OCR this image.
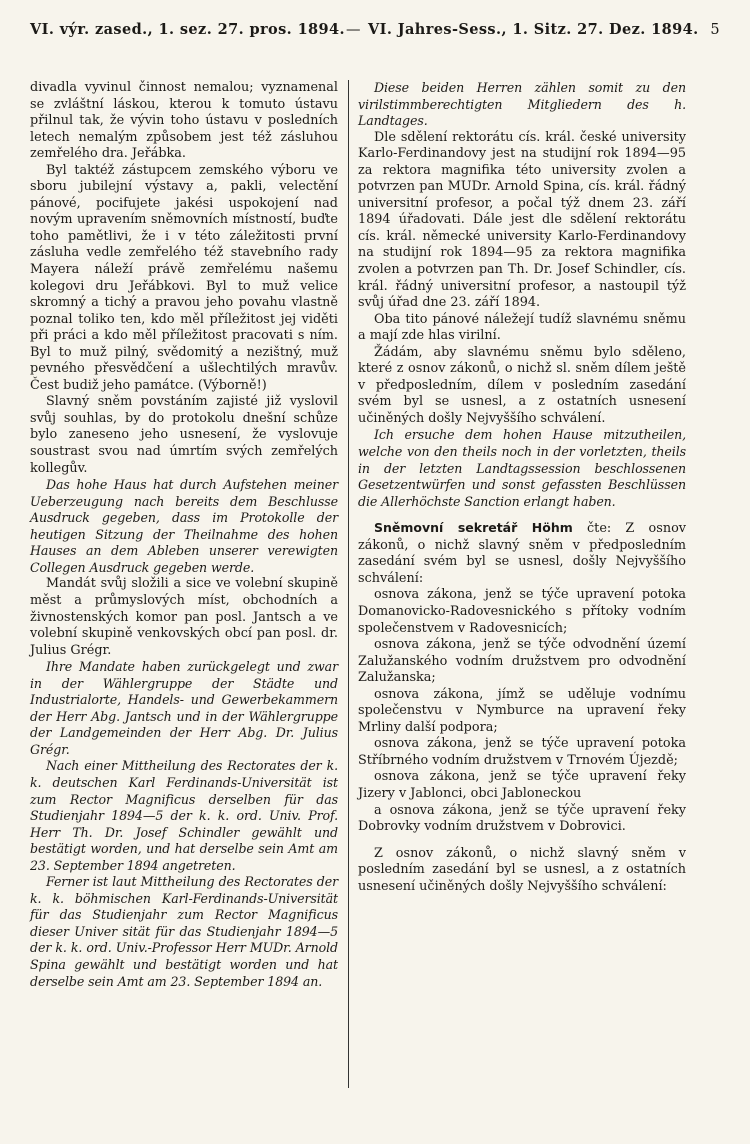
VI. výr. zased., 1. sez. 27. pros. 1894. — VI. Jahres-Sess., 1. Sitz. 27. Dez. 1894. 5

divadla vyvinul činnost nemalou; vyznamenal se zvláštní láskou, kterou k tomuto ústavu přilnul tak, že vývin toho ústavu v posledních letech nemalým způsobem jest též zásluhou zemřelého dra. Jeřábka.

Byl taktéž zástupcem zemského výboru ve sboru jubilejní výstavy a, pakli, velectění pánové, pocifujete jakési uspokojení nad novým upravením sněmovních místností, buďte toho pamětlivi, že i v této záležitosti první zásluha vedle zemřelého též stavebního rady Mayera náleží právě zemřelému našemu kolegovi dru Jeřábkovi. Byl to muž velice skromný a tichý a pravou jeho povahu vlastně poznal toliko ten, kdo měl příležitost jej viděti při práci a kdo měl příležitost pracovati s ním. Byl to muž pilný, svědomitý a nezištný, muž pevného přesvědčení a ušlechtilých mravův. Čest budiž jeho památce. (Výborně!)

Slavný sněm povstáním zajisté již vyslovil svůj souhlas, by do protokolu dnešní schůze bylo zaneseno jeho usnesení, že vyslovuje soustrast svou nad úmrtím svých zemřelých kollegův.

Das hohe Haus hat durch Aufstehen meiner Ueberzeugung nach bereits dem Beschlusse Ausdruck gegeben, dass im Protokolle der heutigen Sitzung der Theilnahme des hohen Hauses an dem Ableben unserer verewigten Collegen Ausdruck gegeben werde.

Mandát svůj složili a sice ve volební skupině měst a průmyslových míst, obchodních a živnostenských komor pan posl. Jantsch a ve volební skupině venkovských obcí pan posl. dr. Julius Grégr.

Ihre Mandate haben zurückgelegt und zwar in der Wählergruppe der Städte und Industrialorte, Handels- und Gewerbekammern der Herr Abg. Jantsch und in der Wählergruppe der Landgemeinden der Herr Abg. Dr. Julius Grégr.

Nach einer Mittheilung des Rectorates der k. k. deutschen Karl Ferdinands-Universität ist zum Rector Magnificus derselben für das Studienjahr 1894—5 der k. k. ord. Univ. Prof. Herr Th. Dr. Josef Schindler gewählt und bestätigt worden, und hat derselbe sein Amt am 23. September 1894 angetreten.

Ferner ist laut Mittheilung des Rectorates der k. k. böhmischen Karl-Ferdinands-Universität für das Studienjahr zum Rector Magnificus dieser Univer sität für das Studienjahr 1894—5 der k. k. ord. Univ.-Professor Herr MUDr. Arnold Spina gewählt und bestätigt worden und hat derselbe sein Amt am 23. September 1894 an.

Diese beiden Herren zählen somit zu den virilstimmberechtigten Mitgliedern des h. Landtages.

Dle sdělení rektorátu cís. král. české university Karlo-Ferdinandovy jest na studijní rok 1894—95 za rektora magnifika této university zvolen a potvrzen pan MUDr. Arnold Spina, cís. král. řádný universitní profesor, a počal týž dnem 23. září 1894 úřadovati. Dále jest dle sdělení rektorátu cís. král. německé university Karlo-Ferdinandovy na studijní rok 1894—95 za rektora magnifika zvolen a potvrzen pan Th. Dr. Josef Schindler, cís. král. řádný universitní profesor, a nastoupil týž svůj úřad dne 23. září 1894.

Oba tito pánové náležejí tudíž slavnému sněmu a mají zde hlas virilní.

Žádám, aby slavnému sněmu bylo sděleno, které z osnov zákonů, o nichž sl. sněm dílem ještě v předposledním, dílem v posledním zasedání svém byl se usnesl, a z ostatních usnesení učiněných došly Nejvyššího schválení.

Ich ersuche dem hohen Hause mitzutheilen, welche von den theils noch in der vorletzten, theils in der letzten Landtagssession beschlossenen Gesetzentwürfen und sonst gefassten Beschlüssen die Allerhöchste Sanction erlangt haben.

Sněmovní sekretář Höhm čte: Z osnov zákonů, o nichž slavný sněm v předposledním zasedání svém byl se usnesl, došly Nejvyššího schválení:

osnova zákona, jenž se týče upravení potoka Domanovicko-Radovesnického s přítoky vodním společenstvem v Radovesnicích;

osnova zákona, jenž se týče odvodnění území Zalužanského vodním družstvem pro odvodnění Zalužanska;

osnova zákona, jímž se uděluje vodnímu společenstvu v Nymburce na upravení řeky Mrliny další podpora;

osnova zákona, jenž se týče upravení potoka Stříbrného vodním družstvem v Trnovém Újezdě;

osnova zákona, jenž se týče upravení řeky Jizery v Jablonci, obci Jabloneckou

a osnova zákona, jenž se týče upravení řeky Dobrovky vodním družstvem v Dobrovici.

Z osnov zákonů, o nichž slavný sněm v posledním zasedání byl se usnesl, a z ostatních usnesení učiněných došly Nejvyššího schválení:
